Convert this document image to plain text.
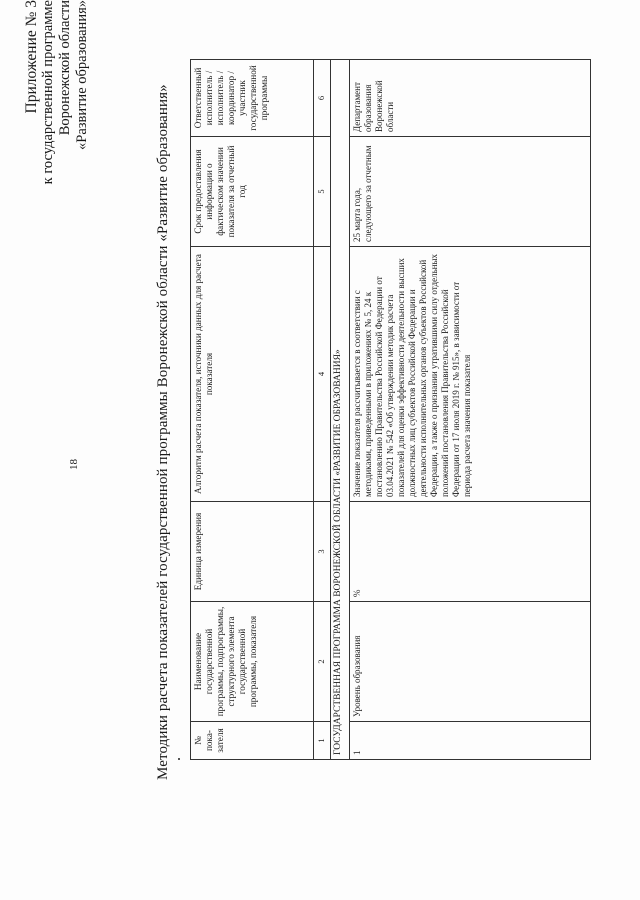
18
Приложение № 3 к государственной программе Воронежской области «Развитие образования»
Методики расчета показателей государственной программы Воронежской области «Развитие образования» № пока-зателя	Наименование государственной программы, подпрограммы, структурного элемента государственной программы, показателя	Единица измерения	Алгоритм расчета показателя, источники данных для расчета показателя	Срок предоставления информации о фактическом значении показателя за отчетный год	Ответственный исполнитель / исполнитель / координатор / участник государственной программы
1	2	3	4	5	6
ГОСУДАРСТВЕННАЯ ПРОГРАММА ВОРОНЕЖСКОЙ ОБЛАСТИ «РАЗВИТИЕ ОБРАЗОВАНИЯ»					
1	Уровень образования	%	Значение показателя рассчитывается в соответствии с методиками, приведенными в приложениях № 5, 24 к постановлению Правительства Российской Федерации от 03.04.2021 № 542 «Об утверждении методик расчета показателей для оценки эффективности деятельности высших должностных лиц субъектов Российской Федерации и деятельности исполнительных органов субъектов Российской Федерации, а также о признании утратившими силу отдельных положений постановления Правительства Российской Федерации от 17 июля 2019 г. № 915», в зависимости от периода расчета значения показателя	25 марта года, следующего за отчетным	Департамент образования Воронежской области
